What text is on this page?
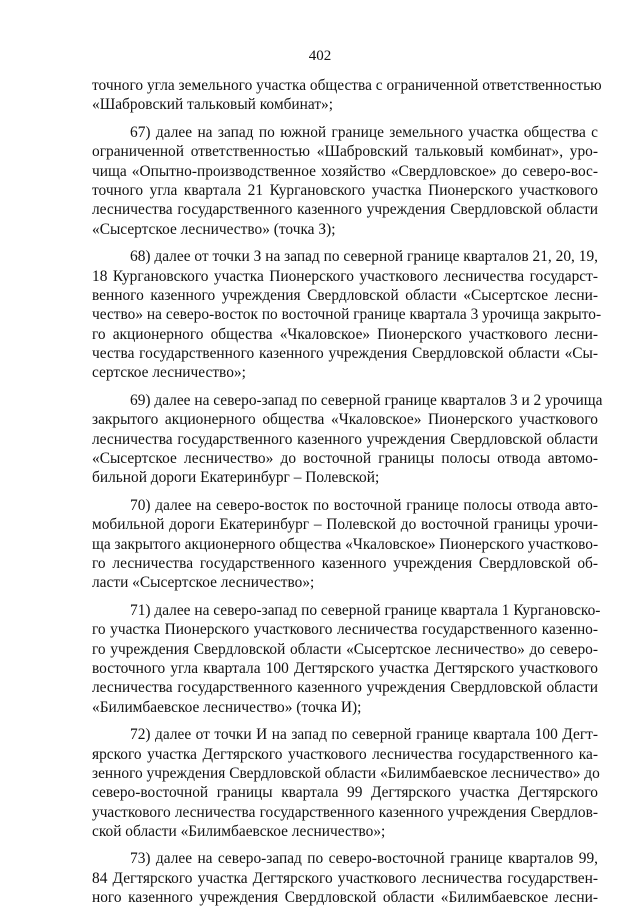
402
точного угла земельного участка общества с ограниченной ответственностью
«Шабровский тальковый комбинат»;
67) далее на запад по южной границе земельного участка общества с
ограниченной ответственностью «Шабровский тальковый комбинат», уро-
чища «Опытно-производственное хозяйство «Свердловское» до северо-вос-
точного угла квартала 21 Кургановского участка Пионерского участкового
лесничества государственного казенного учреждения Свердловской области
«Сысертское лесничество» (точка З);
68) далее от точки З на запад по северной границе кварталов 21, 20, 19,
18 Кургановского участка Пионерского участкового лесничества государст-
венного казенного учреждения Свердловской области «Сысертское лесни-
чество» на северо-восток по восточной границе квартала 3 урочища закрыто-
го акционерного общества «Чкаловское» Пионерского участкового лесни-
чества государственного казенного учреждения Свердловской области «Сы-
сертское лесничество»;
69) далее на северо-запад по северной границе кварталов 3 и 2 урочища
закрытого акционерного общества «Чкаловское» Пионерского участкового
лесничества государственного казенного учреждения Свердловской области
«Сысертское лесничество» до восточной границы полосы отвода автомо-
бильной дороги Екатеринбург – Полевской;
70) далее на северо-восток по восточной границе полосы отвода авто-
мобильной дороги Екатеринбург – Полевской до восточной границы урочи-
ща закрытого акционерного общества «Чкаловское» Пионерского участково-
го лесничества государственного казенного учреждения Свердловской об-
ласти «Сысертское лесничество»;
71) далее на северо-запад по северной границе квартала 1 Кургановско-
го участка Пионерского участкового лесничества государственного казенно-
го учреждения Свердловской области «Сысертское лесничество» до северо-
восточного угла квартала 100 Дегтярского участка Дегтярского участкового
лесничества государственного казенного учреждения Свердловской области
«Билимбаевское лесничество» (точка И);
72) далее от точки И на запад по северной границе квартала 100 Дегт-
ярского участка Дегтярского участкового лесничества государственного ка-
зенного учреждения Свердловской области «Билимбаевское лесничество» до
северо-восточной границы квартала 99 Дегтярского участка Дегтярского
участкового лесничества государственного казенного учреждения Свердлов-
ской области «Билимбаевское лесничество»;
73) далее на северо-запад по северо-восточной границе кварталов 99,
84 Дегтярского участка Дегтярского участкового лесничества государствен-
ного казенного учреждения Свердловской области «Билимбаевское лесни-
